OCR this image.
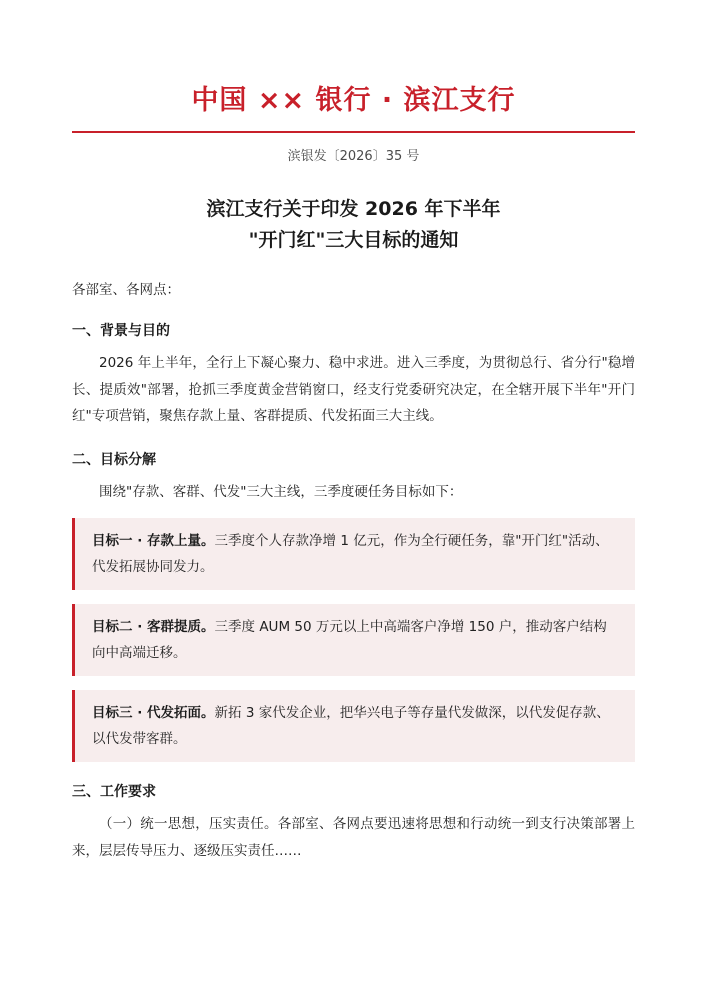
中国 ×× 银行 · 滨江支行
滨银发〔2026〕35 号
滨江支行关于印发 2026 年下半年
"开门红"三大目标的通知
各部室、各网点：
一、背景与目的
2026 年上半年，全行上下凝心聚力、稳中求进。进入三季度，为贯彻总行、省分行"稳增长、提质效"部署，抢抓三季度黄金营销窗口，经支行党委研究决定，在全辖开展下半年"开门红"专项营销，聚焦存款上量、客群提质、代发拓面三大主线。
二、目标分解
围绕"存款、客群、代发"三大主线，三季度硬任务目标如下：
目标一 · 存款上量。三季度个人存款净增 1 亿元，作为全行硬任务，靠"开门红"活动、代发拓展协同发力。
目标二 · 客群提质。三季度 AUM 50 万元以上中高端客户净增 150 户，推动客户结构向中高端迁移。
目标三 · 代发拓面。新拓 3 家代发企业，把华兴电子等存量代发做深，以代发促存款、以代发带客群。
三、工作要求
（一）统一思想，压实责任。各部室、各网点要迅速将思想和行动统一到支行决策部署上来，层层传导压力、逐级压实责任……
